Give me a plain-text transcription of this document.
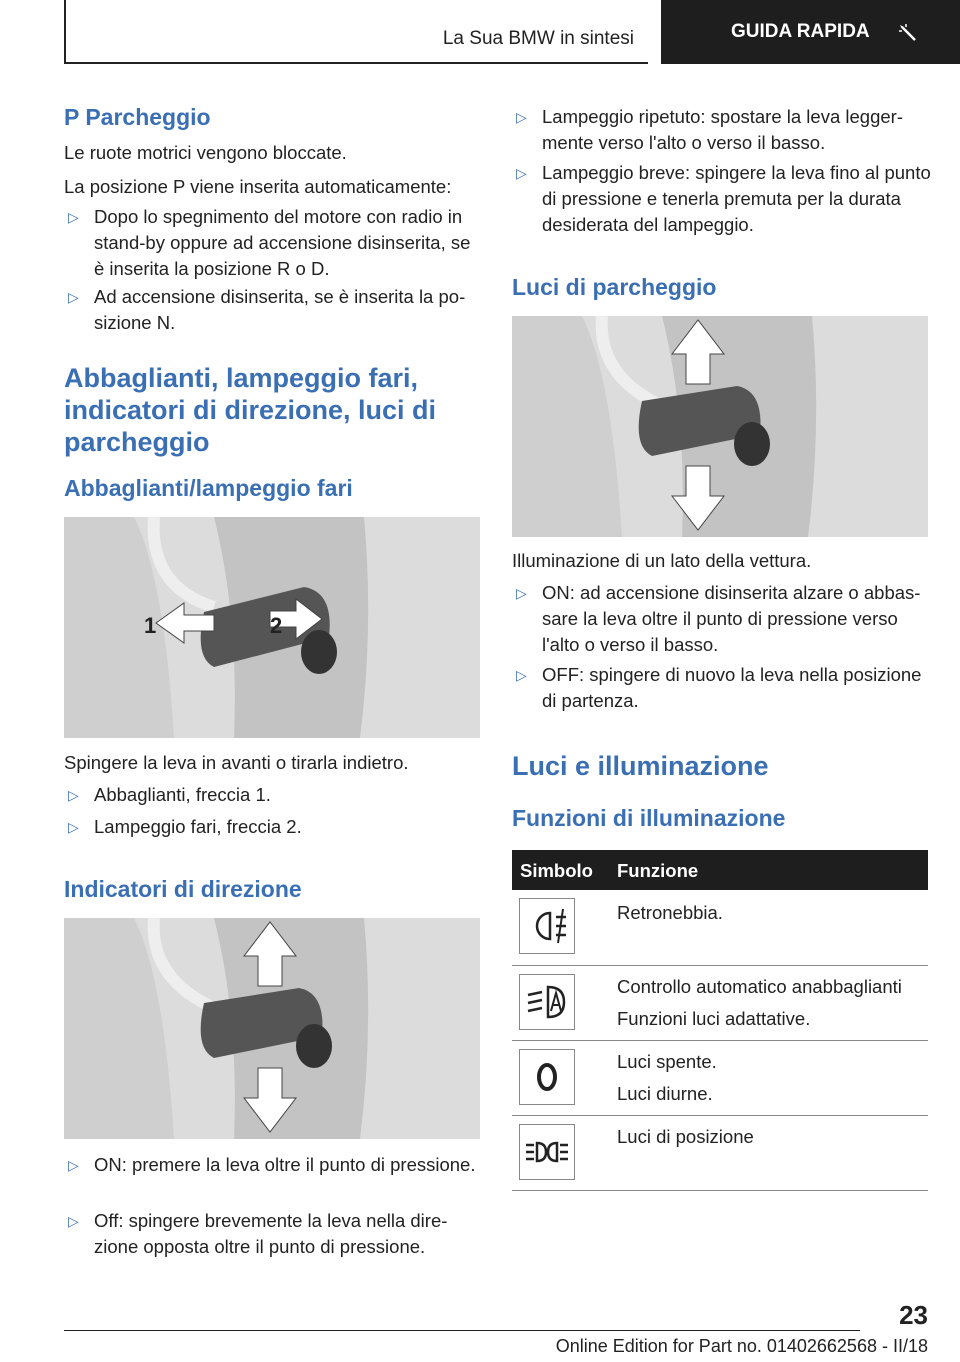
La Sua BMW in sintesi	GUIDA RAPIDA
P Parcheggio
Le ruote motrici vengono bloccate.
La posizione P viene inserita automaticamente:
▷ Dopo lo spegnimento del motore con radio in stand-by oppure ad accensione disinserita, se è inserita la posizione R o D.
▷ Ad accensione disinserita, se è inserita la posizione N.
Abbaglianti, lampeggio fari, indicatori di direzione, luci di parcheggio
Abbaglianti/lampeggio fari
1	2
Spingere la leva in avanti o tirarla indietro.
▷ Abbaglianti, freccia 1.
▷ Lampeggio fari, freccia 2.
Indicatori di direzione
▷ ON: premere la leva oltre il punto di pressione.
▷ Off: spingere brevemente la leva nella direzione opposta oltre il punto di pressione.
▷ Lampeggio ripetuto: spostare la leva leggermente verso l'alto o verso il basso.
▷ Lampeggio breve: spingere la leva fino al punto di pressione e tenerla premuta per la durata desiderata del lampeggio.
Luci di parcheggio
Illuminazione di un lato della vettura.
▷ ON: ad accensione disinserita alzare o abbassare la leva oltre il punto di pressione verso l'alto o verso il basso.
▷ OFF: spingere di nuovo la leva nella posizione di partenza.
Luci e illuminazione
Funzioni di illuminazione
Simbolo Funzione
Retronebbia.
Controllo automatico anabbaglianti
Funzioni luci adattative.
Luci spente.
Luci diurne.
Luci di posizione
23
Online Edition for Part no. 01402662568 - II/18
